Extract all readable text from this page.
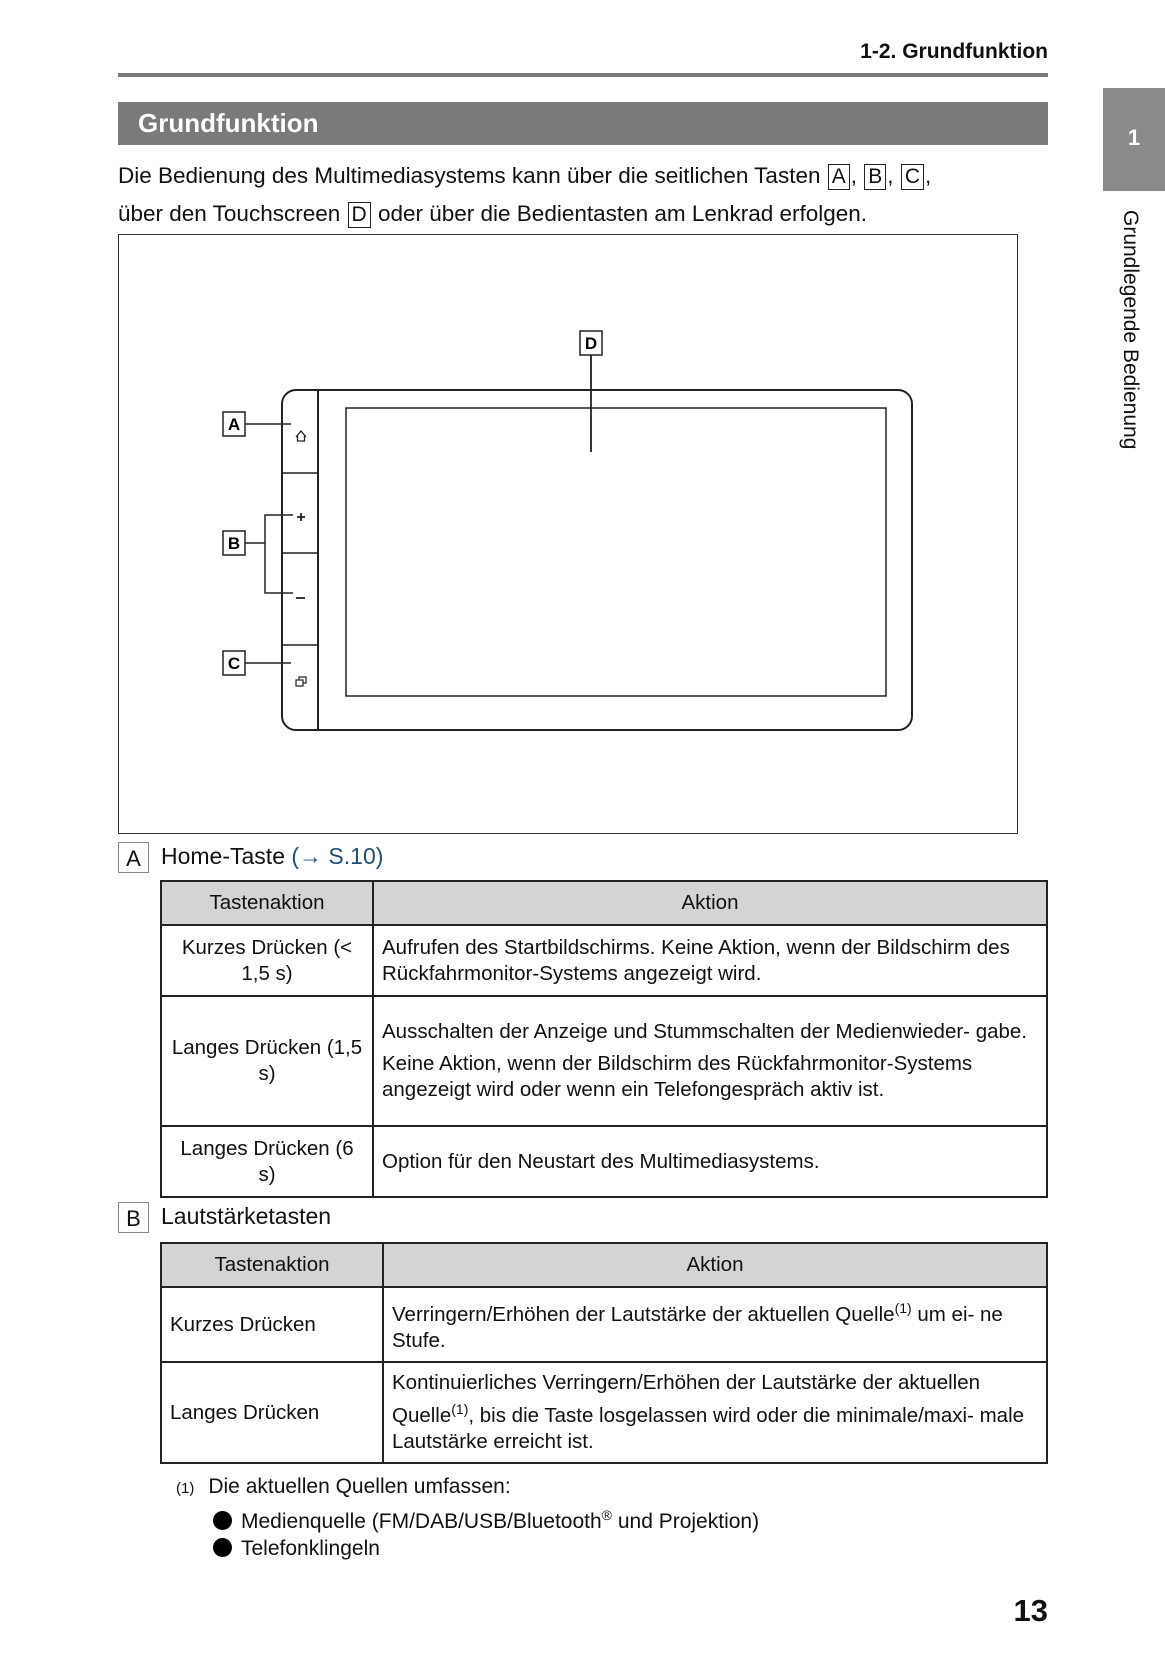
1-2. Grundfunktion
1
Grundlegende Bedienung
Grundfunktion
Die Bedienung des Multimediasystems kann über die seitlichen Tasten A , B , C ,
über den Touchscreen D oder über die Bedientasten am Lenkrad erfolgen.
A
B
C
D
A Home-Taste (→ S.10)
Tastenaktion	Aktion
Kurzes Drücken (< 1,5 s)	Aufrufen des Startbildschirms. Keine Aktion, wenn der Bildschirm des Rückfahrmonitor-Systems angezeigt wird.

Langes Drücken (1,5 s)	Ausschalten der Anzeige und Stummschalten der Medienwieder- gabe.

Keine Aktion, wenn der Bildschirm des Rückfahrmonitor-Systems angezeigt wird oder wenn ein Telefongespräch aktiv ist.

Langes Drücken (6 s)	Option für den Neustart des Multimediasystems.

B Lautstärketasten
Tastenaktion	Aktion
Kurzes Drücken	Verringern/Erhöhen der Lautstärke der aktuellen Quelle$^{(1)}$ um ei- ne Stufe.
Langes Drücken	Kontinuierliches Verringern/Erhöhen der Lautstärke der aktuellen Quelle$^{(1)}$, bis die Taste losgelassen wird oder die minimale/maxi- male Lautstärke erreicht ist.
(1) Die aktuellen Quellen umfassen:
Medienquelle (FM/DAB/USB/Bluetooth® und Projektion)
Telefonklingeln
13
